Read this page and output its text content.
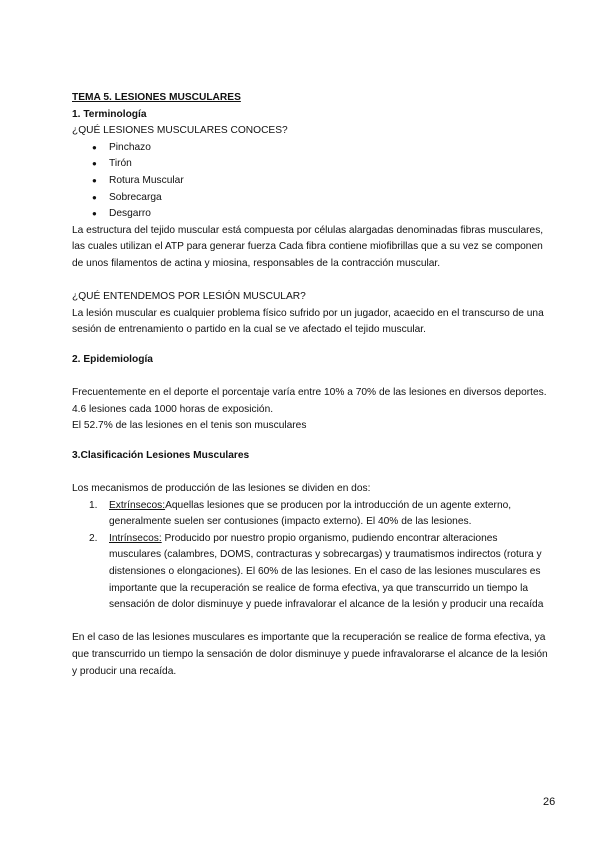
TEMA 5. LESIONES MUSCULARES

1. Terminología

¿QUÉ LESIONES MUSCULARES CONOCES?

● Pinchazo
● Tirón
● Rotura Muscular
● Sobrecarga
● Desgarro

La estructura del tejido muscular está compuesta por células alargadas denominadas fibras musculares, las cuales utilizan el ATP para generar fuerza Cada fibra contiene miofibrillas que a su vez se componen de unos filamentos de actina y miosina, responsables de la contracción muscular.

¿QUÉ ENTENDEMOS POR LESIÓN MUSCULAR?

La lesión muscular es cualquier problema físico sufrido por un jugador, acaecido en el transcurso de una sesión de entrenamiento o partido en la cual se ve afectado el tejido muscular.

2. Epidemiología

Frecuentemente en el deporte el porcentaje varía entre 10% a 70% de las lesiones en diversos deportes.

4.6 lesiones cada 1000 horas de exposición.

El 52.7% de las lesiones en el tenis son musculares

3.Clasificación Lesiones Musculares

Los mecanismos de producción de las lesiones se dividen en dos:

1. Extrínsecos:Aquellas lesiones que se producen por la introducción de un agente externo, generalmente suelen ser contusiones (impacto externo). El 40% de las lesiones.
2. Intrínsecos: Producido por nuestro propio organismo, pudiendo encontrar alteraciones musculares (calambres, DOMS, contracturas y sobrecargas) y traumatismos indirectos (rotura y distensiones o elongaciones). El 60% de las lesiones. En el caso de las lesiones musculares es importante que la recuperación se realice de forma efectiva, ya que transcurrido un tiempo la sensación de dolor disminuye y puede infravalorar el alcance de la lesión y producir una recaída

En el caso de las lesiones musculares es importante que la recuperación se realice de forma efectiva, ya que transcurrido un tiempo la sensación de dolor disminuye y puede infravalorarse el alcance de la lesión y producir una recaída.

26
